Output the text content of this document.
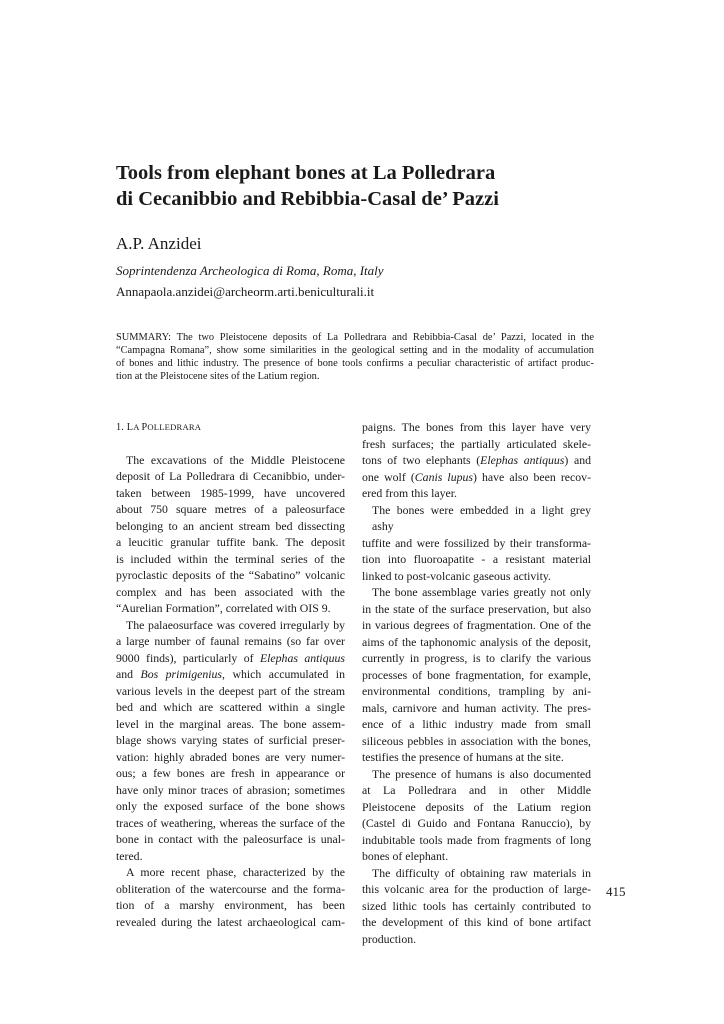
Tools from elephant bones at La Polledrara
di Cecanibbio and Rebibbia-Casal de’ Pazzi
A.P. Anzidei
Soprintendenza Archeologica di Roma, Roma, Italy
Annapaola.anzidei@archeorm.arti.beniculturali.it
SUMMARY: The two Pleistocene deposits of La Polledrara and Rebibbia-Casal de’ Pazzi, located in the
“Campagna Romana”, show some similarities in the geological setting and in the modality of accumulation
of bones and lithic industry. The presence of bone tools confirms a peculiar characteristic of artifact produc-
tion at the Pleistocene sites of the Latium region.
1. LA POLLEDRARA
The excavations of the Middle Pleistocene
deposit of La Polledrara di Cecanibbio, under-
taken between 1985-1999, have uncovered
about 750 square metres of a paleosurface
belonging to an ancient stream bed dissecting
a leucitic granular tuffite bank. The deposit
is included within the terminal series of the
pyroclastic deposits of the “Sabatino” volcanic
complex and has been associated with the
“Aurelian Formation”, correlated with OIS 9.
The palaeosurface was covered irregularly by
a large number of faunal remains (so far over
9000 finds), particularly of Elephas antiquus
and Bos primigenius, which accumulated in
various levels in the deepest part of the stream
bed and which are scattered within a single
level in the marginal areas. The bone assem-
blage shows varying states of surficial preser-
vation: highly abraded bones are very numer-
ous; a few bones are fresh in appearance or
have only minor traces of abrasion; sometimes
only the exposed surface of the bone shows
traces of weathering, whereas the surface of the
bone in contact with the paleosurface is unal-
tered.
A more recent phase, characterized by the
obliteration of the watercourse and the forma-
tion of a marshy environment, has been
revealed during the latest archaeological cam-
paigns. The bones from this layer have very
fresh surfaces; the partially articulated skele-
tons of two elephants (Elephas antiquus) and
one wolf (Canis lupus) have also been recov-
ered from this layer.
The bones were embedded in a light grey ashy
tuffite and were fossilized by their transforma-
tion into fluoroapatite - a resistant material
linked to post-volcanic gaseous activity.
The bone assemblage varies greatly not only
in the state of the surface preservation, but also
in various degrees of fragmentation. One of the
aims of the taphonomic analysis of the deposit,
currently in progress, is to clarify the various
processes of bone fragmentation, for example,
environmental conditions, trampling by ani-
mals, carnivore and human activity. The pres-
ence of a lithic industry made from small
siliceous pebbles in association with the bones,
testifies the presence of humans at the site.
The presence of humans is also documented
at La Polledrara and in other Middle
Pleistocene deposits of the Latium region
(Castel di Guido and Fontana Ranuccio), by
indubitable tools made from fragments of long
bones of elephant.
The difficulty of obtaining raw materials in
this volcanic area for the production of large-
sized lithic tools has certainly contributed to
the development of this kind of bone artifact
production.
415
